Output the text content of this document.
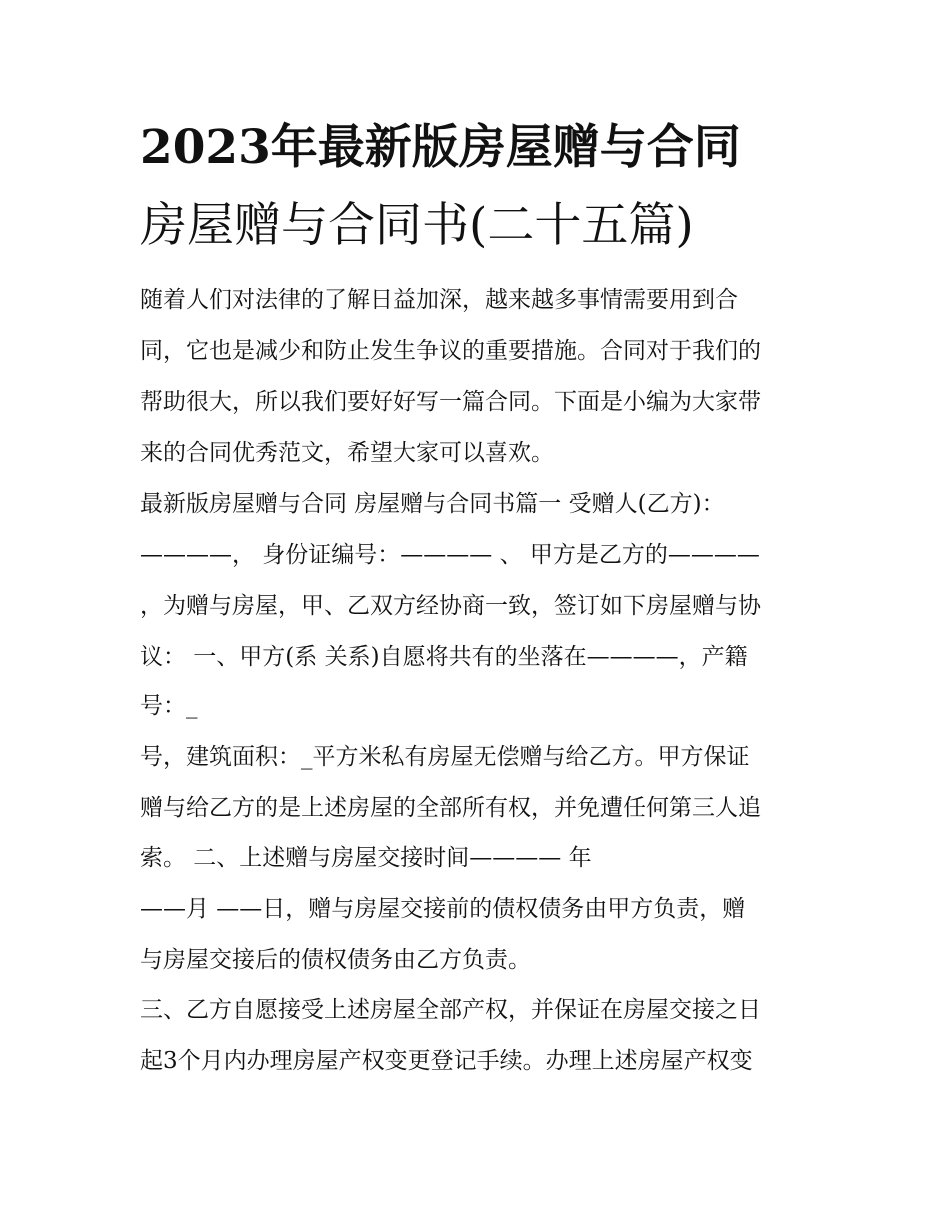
2023年最新版房屋赠与合同
房屋赠与合同书(二十五篇)
随着人们对法律的了解日益加深，越来越多事情需要用到合
同，它也是减少和防止发生争议的重要措施。合同对于我们的
帮助很大，所以我们要好好写一篇合同。下面是小编为大家带
来的合同优秀范文，希望大家可以喜欢。
最新版房屋赠与合同 房屋赠与合同书篇一 受赠人(乙方)：
————， 身份证编号：———— 、 甲方是乙方的————
，为赠与房屋，甲、乙双方经协商一致，签订如下房屋赠与协
议： 一、甲方(系 关系)自愿将共有的坐落在————，产籍
号：_
号，建筑面积：_平方米私有房屋无偿赠与给乙方。甲方保证
赠与给乙方的是上述房屋的全部所有权，并免遭任何第三人追
索。 二、上述赠与房屋交接时间———— 年
——月 ——日，赠与房屋交接前的债权债务由甲方负责，赠
与房屋交接后的债权债务由乙方负责。
三、乙方自愿接受上述房屋全部产权，并保证在房屋交接之日
起3个月内办理房屋产权变更登记手续。办理上述房屋产权变
